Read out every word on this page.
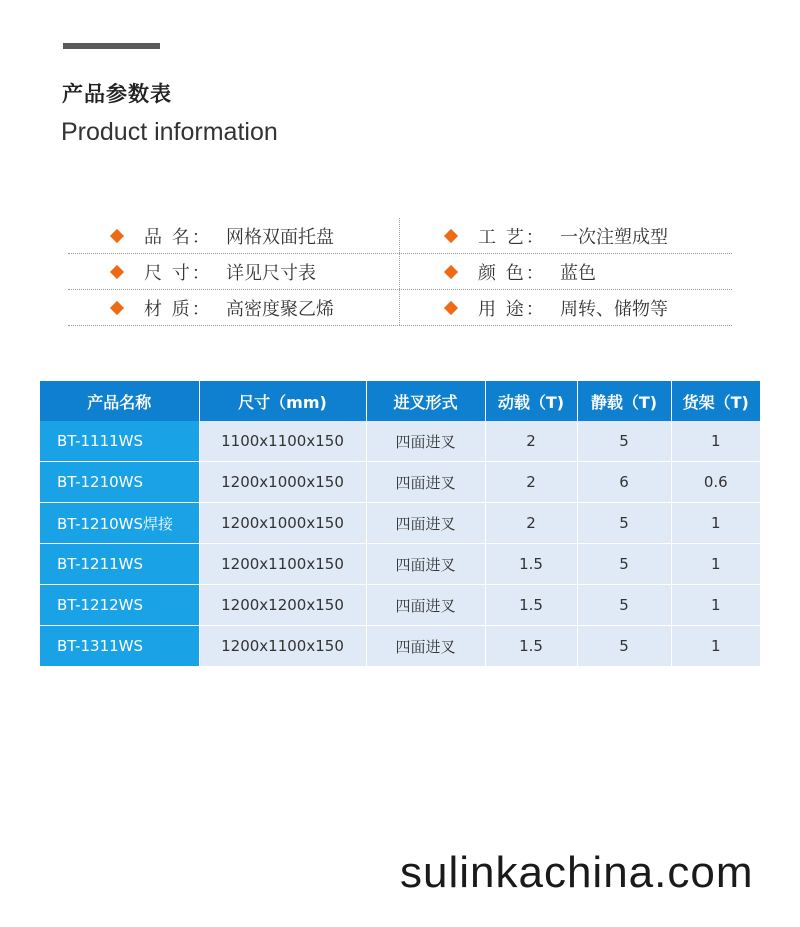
产品参数表
Product information
品 名： 网格双面托盘	工 艺： 一次注塑成型
尺 寸： 详见尺寸表	颜 色： 蓝色
材 质： 高密度聚乙烯	用 途： 周转、储物等
产品名称	尺寸（mm)	进叉形式	动载（T)	静载（T)	货架（T)
BT-1111WS	1100x1100x150	四面进叉	2	5	1
BT-1210WS	1200x1000x150	四面进叉	2	6	0.6
BT-1210WS焊接	1200x1000x150	四面进叉	2	5	1
BT-1211WS	1200x1100x150	四面进叉	1.5	5	1
BT-1212WS	1200x1200x150	四面进叉	1.5	5	1
BT-1311WS	1200x1100x150	四面进叉	1.5	5	1
sulinkachina.com
